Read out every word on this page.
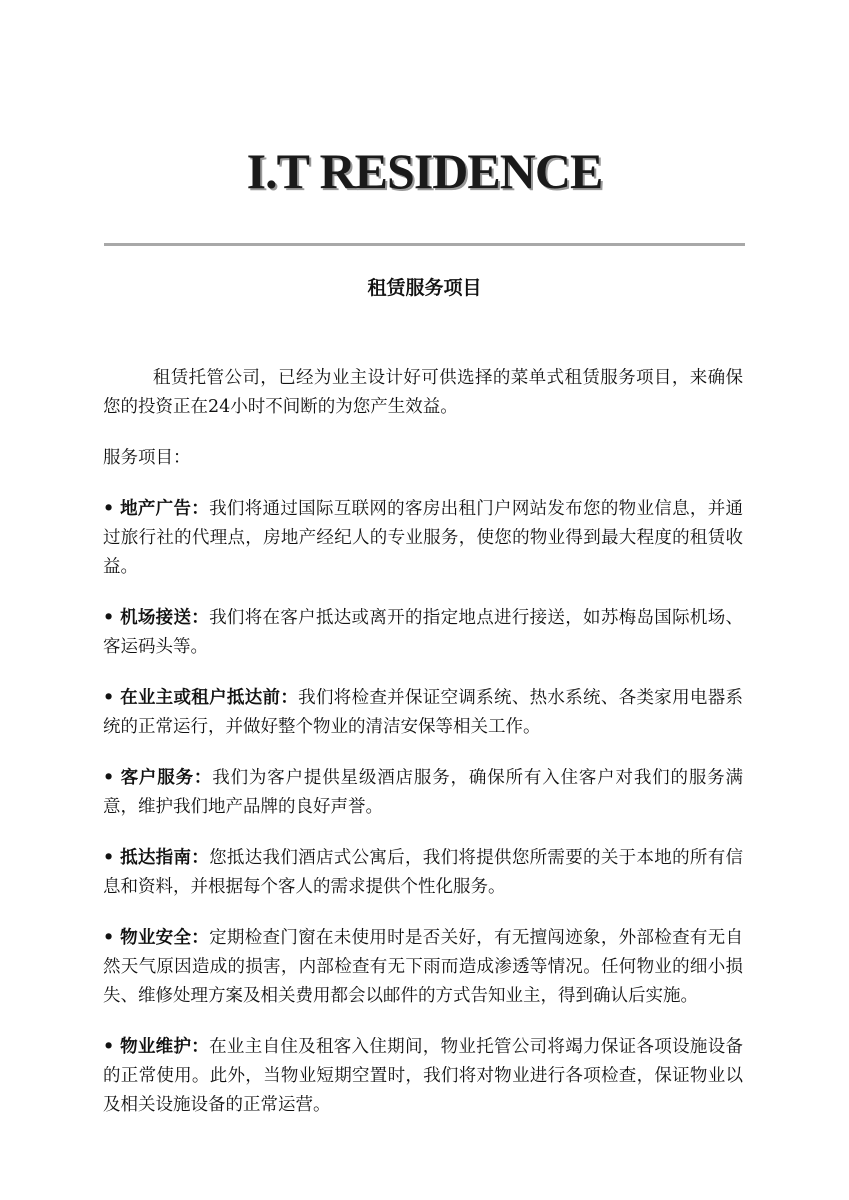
I.T RESIDENCE
租赁服务项目

租赁托管公司，已经为业主设计好可供选择的菜单式租赁服务项目，来确保您的投资正在24小时不间断的为您产生效益。

服务项目：

• 地产广告：我们将通过国际互联网的客房出租门户网站发布您的物业信息，并通过旅行社的代理点，房地产经纪人的专业服务，使您的物业得到最大程度的租赁收益。

• 机场接送：我们将在客户抵达或离开的指定地点进行接送，如苏梅岛国际机场、客运码头等。

• 在业主或租户抵达前：我们将检查并保证空调系统、热水系统、各类家用电器系统的正常运行，并做好整个物业的清洁安保等相关工作。

• 客户服务：我们为客户提供星级酒店服务，确保所有入住客户对我们的服务满意，维护我们地产品牌的良好声誉。

• 抵达指南：您抵达我们酒店式公寓后，我们将提供您所需要的关于本地的所有信息和资料，并根据每个客人的需求提供个性化服务。

• 物业安全：定期检查门窗在未使用时是否关好，有无擅闯迹象，外部检查有无自然天气原因造成的损害，内部检查有无下雨而造成渗透等情况。任何物业的细小损失、维修处理方案及相关费用都会以邮件的方式告知业主，得到确认后实施。

• 物业维护：在业主自住及租客入住期间，物业托管公司将竭力保证各项设施设备的正常使用。此外，当物业短期空置时，我们将对物业进行各项检查，保证物业以及相关设施设备的正常运营。
